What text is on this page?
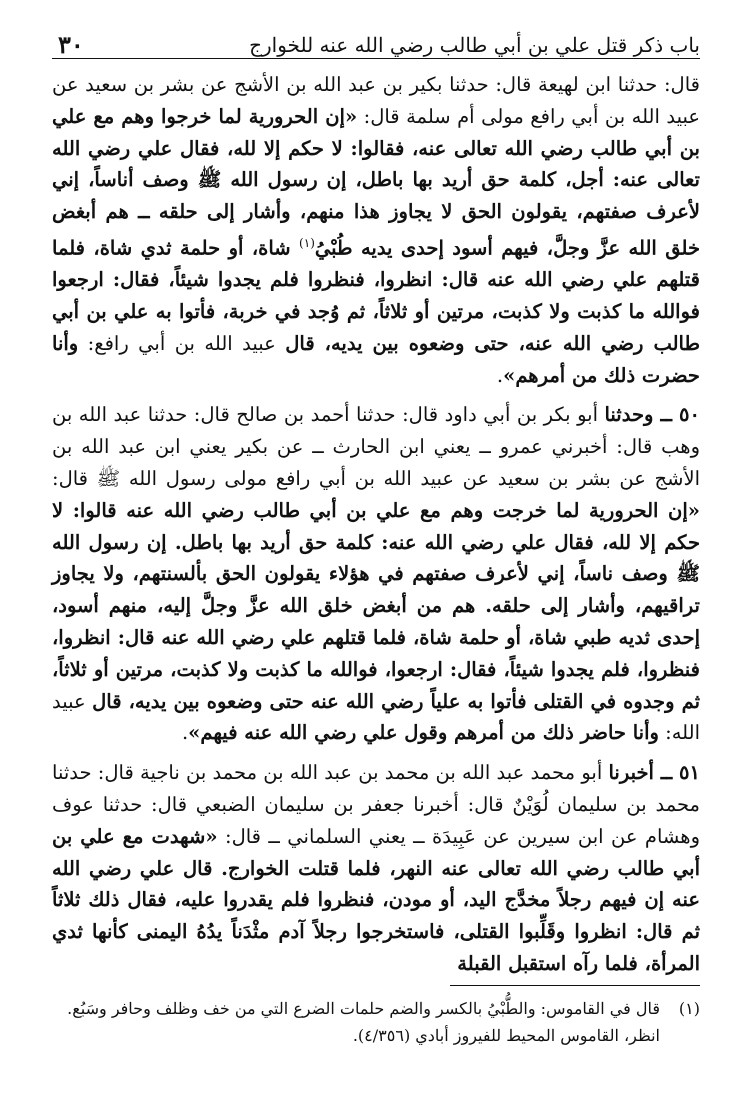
باب ذكر قتل علي بن أبي طالب رضي الله عنه للخوارج
٣٠

قال: حدثنا ابن لهيعة قال: حدثنا بكير بن عبد الله بن الأشج عن بشر بن سعيد عن عبيد الله بن أبي رافع مولى أم سلمة قال: «إن الحرورية لما خرجوا وهم مع علي بن أبي طالب رضي الله تعالى عنه، فقالوا: لا حكم إلا لله، فقال علي رضي الله تعالى عنه: أجل، كلمة حق أريد بها باطل، إن رسول الله ﷺ وصف أناساً، إني لأعرف صفتهم، يقولون الحق لا يجاوز هذا منهم، وأشار إلى حلقه ــ هم أبغض خلق الله عزَّ وجلَّ، فيهم أسود إحدى يديه طُبْيُ$^{(١)}$ شاة، أو حلمة ثدي شاة، فلما قتلهم علي رضي الله عنه قال: انظروا، فنظروا فلم يجدوا شيئاً، فقال: ارجعوا فوالله ما كذبت ولا كذبت، مرتين أو ثلاثاً، ثم وُجد في خربة، فأتوا به علي بن أبي طالب رضي الله عنه، حتى وضعوه بين يديه، قال عبيد الله بن أبي رافع: وأنا حضرت ذلك من أمرهم».

٥٠ ــ وحدثنا أبو بكر بن أبي داود قال: حدثنا أحمد بن صالح قال: حدثنا عبد الله بن وهب قال: أخبرني عمرو ــ يعني ابن الحارث ــ عن بكير يعني ابن عبد الله بن الأشج عن بشر بن سعيد عن عبيد الله بن أبي رافع مولى رسول الله ﷺ قال: «إن الحرورية لما خرجت وهم مع علي بن أبي طالب رضي الله عنه قالوا: لا حكم إلا لله، فقال علي رضي الله عنه: كلمة حق أريد بها باطل. إن رسول الله ﷺ وصف ناساً، إني لأعرف صفتهم في هؤلاء يقولون الحق بألسنتهم، ولا يجاوز تراقيهم، وأشار إلى حلقه. هم من أبغض خلق الله عزَّ وجلَّ إليه، منهم أسود، إحدى ثديه طبي شاة، أو حلمة شاة، فلما قتلهم علي رضي الله عنه قال: انظروا، فنظروا، فلم يجدوا شيئاً، فقال: ارجعوا، فوالله ما كذبت ولا كذبت، مرتين أو ثلاثاً، ثم وجدوه في القتلى فأتوا به علياً رضي الله عنه حتى وضعوه بين يديه، قال عبيد الله: وأنا حاضر ذلك من أمرهم وقول علي رضي الله عنه فيهم».

٥١ ــ أخبرنا أبو محمد عبد الله بن محمد بن عبد الله بن محمد بن ناجية قال: حدثنا محمد بن سليمان لُوَيْنٌ قال: أخبرنا جعفر بن سليمان الضبعي قال: حدثنا عوف وهشام عن ابن سيرين عن عَبِيدَة ــ يعني السلماني ــ قال: «شهدت مع علي بن أبي طالب رضي الله تعالى عنه النهر، فلما قتلت الخوارج. قال علي رضي الله عنه إن فيهم رجلاً مخدَّج اليد، أو مودن، فنظروا فلم يقدروا عليه، فقال ذلك ثلاثاً ثم قال: انظروا وقَلِّبوا القتلى، فاستخرجوا رجلاً آدم مثْدَناً يدُهُ اليمنى كأنها ثدي المرأة، فلما رآه استقبل القبلة

(١)قال في القاموس: والطُّبْيُ بالكسر والضم حلمات الضرع التي من خف وظلف وحافر وسَبُع.
انظر، القاموس المحيط للفيروز أبادي (٤/٣٥٦).
